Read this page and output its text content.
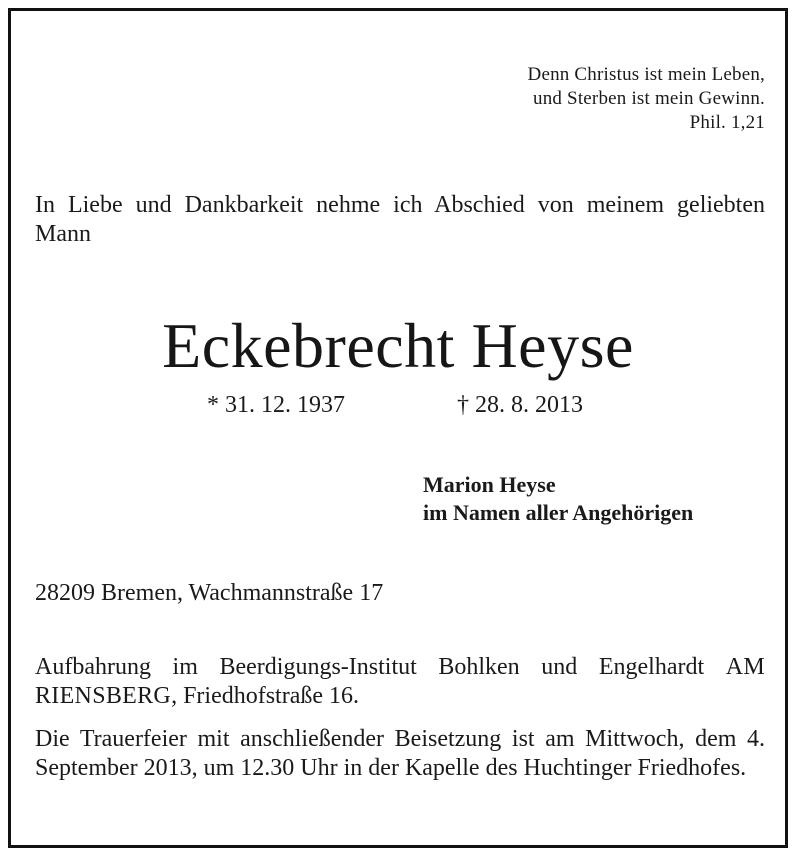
Denn Christus ist mein Leben,
und Sterben ist mein Gewinn.
Phil. 1,21
In Liebe und Dankbarkeit nehme ich Abschied von meinem geliebten Mann
Eckebrecht Heyse
* 31. 12. 1937	† 28. 8. 2013
Marion Heyse
im Namen aller Angehörigen
28209 Bremen, Wachmannstraße 17
Aufbahrung im Beerdigungs-Institut Bohlken und Engelhardt AM RIENSBERG, Friedhofstraße 16.
Die Trauerfeier mit anschließender Beisetzung ist am Mittwoch, dem 4. September 2013, um 12.30 Uhr in der Kapelle des Huchtinger Friedhofes.
